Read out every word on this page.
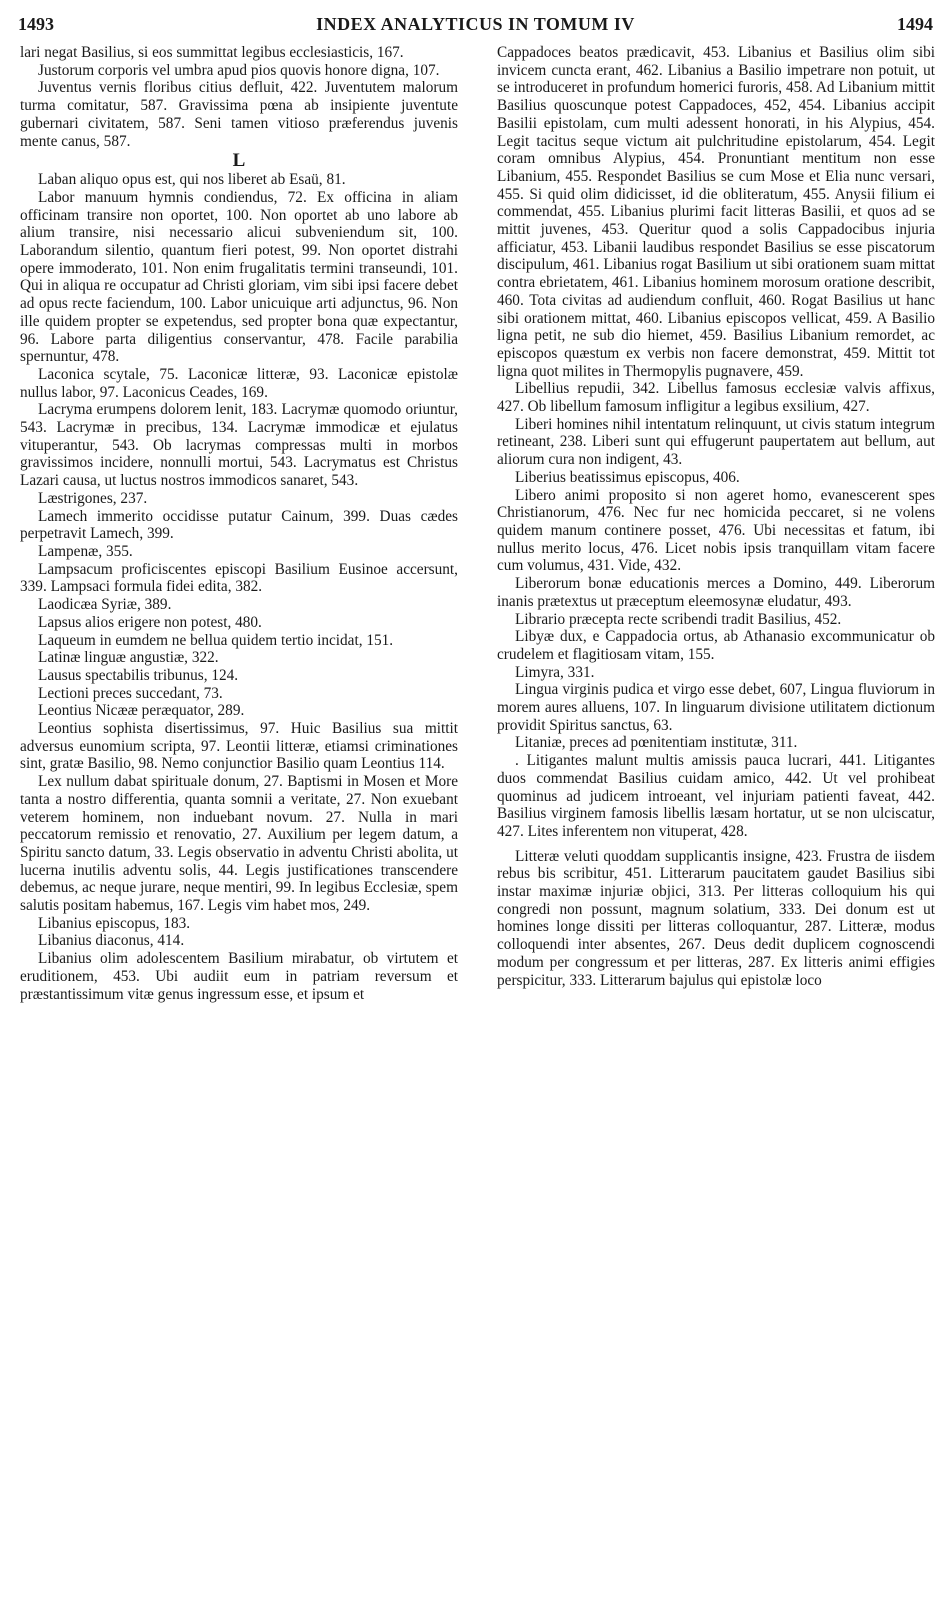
1493	INDEX ANALYTICUS IN TOMUM IV	1494

lari negat Basilius, si eos summittat legibus ecclesiasticis, 167.

Justorum corporis vel umbra apud pios quovis honore digna, 107.

Juventus vernis floribus citius defluit, 422. Juventutem malorum turma comitatur, 587. Gravissima pœna ab insipiente juventute gubernari civitatem, 587. Seni tamen vitioso præferendus juvenis mente canus, 587.

L

Laban aliquo opus est, qui nos liberet ab Esaü, 81.

Labor manuum hymnis condiendus, 72. Ex officina in aliam officinam transire non oportet, 100. Non oportet ab uno labore ab alium transire, nisi necessario alicui subveniendum sit, 100. Laborandum silentio, quantum fieri potest, 99. Non oportet distrahi opere immoderato, 101. Non enim frugalitatis termini transeundi, 101. Qui in aliqua re occupatur ad Christi gloriam, vim sibi ipsi facere debet ad opus recte faciendum, 100. Labor unicuique arti adjunctus, 96. Non ille quidem propter se expetendus, sed propter bona quæ expectantur, 96. Labore parta diligentius conservantur, 478. Facile parabilia spernuntur, 478.

Laconica scytale, 75. Laconicæ litteræ, 93. Laconicæ epistolæ nullus labor, 97. Laconicus Ceades, 169.

Lacryma erumpens dolorem lenit, 183. Lacrymæ quomodo oriuntur, 543. Lacrymæ in precibus, 134. Lacrymæ immodicæ et ejulatus vituperantur, 543. Ob lacrymas compressas multi in morbos gravissimos incidere, nonnulli mortui, 543. Lacrymatus est Christus Lazari causa, ut luctus nostros immodicos sanaret, 543.

Læstrigones, 237.

Lamech immerito occidisse putatur Cainum, 399. Duas cædes perpetravit Lamech, 399.

Lampenæ, 355.

Lampsacum proficiscentes episcopi Basilium Eusinoe accersunt, 339. Lampsaci formula fidei edita, 382.

Laodicæa Syriæ, 389.

Lapsus alios erigere non potest, 480.

Laqueum in eumdem ne bellua quidem tertio incidat, 151.

Latinæ linguæ angustiæ, 322.

Lausus spectabilis tribunus, 124.

Lectioni preces succedant, 73.

Leontius Nicææ peræquator, 289.

Leontius sophista disertissimus, 97. Huic Basilius sua mittit adversus eunomium scripta, 97. Leontii litteræ, etiamsi criminationes sint, gratæ Basilio, 98. Nemo conjunctior Basilio quam Leontius 114.

Lex nullum dabat spirituale donum, 27. Baptismi in Mosen et More tanta a nostro differentia, quanta somnii a veritate, 27. Non exuebant veterem hominem, non induebant novum. 27. Nulla in mari peccatorum remissio et renovatio, 27. Auxilium per legem datum, a Spiritu sancto datum, 33. Legis observatio in adventu Christi abolita, ut lucerna inutilis adventu solis, 44. Legis justificationes transcendere debemus, ac neque jurare, neque mentiri, 99. In legibus Ecclesiæ, spem salutis positam habemus, 167. Legis vim habet mos, 249.

Libanius episcopus, 183.

Libanius diaconus, 414.

Libanius olim adolescentem Basilium mirabatur, ob virtutem et eruditionem, 453. Ubi audiit eum in patriam reversum et præstantissimum vitæ genus ingressum esse, et ipsum et

Cappadoces beatos prædicavit, 453. Libanius et Basilius olim sibi invicem cuncta erant, 462. Libanius a Basilio impetrare non potuit, ut se introduceret in profundum homerici furoris, 458. Ad Libanium mittit Basilius quoscunque potest Cappadoces, 452, 454. Libanius accipit Basilii epistolam, cum multi adessent honorati, in his Alypius, 454. Legit tacitus seque victum ait pulchritudine epistolarum, 454. Legit coram omnibus Alypius, 454. Pronuntiant mentitum non esse Libanium, 455. Respondet Basilius se cum Mose et Elia nunc versari, 455. Si quid olim didicisset, id die obliteratum, 455. Anysii filium ei commendat, 455. Libanius plurimi facit litteras Basilii, et quos ad se mittit juvenes, 453. Queritur quod a solis Cappadocibus injuria afficiatur, 453. Libanii laudibus respondet Basilius se esse piscatorum discipulum, 461. Libanius rogat Basilium ut sibi orationem suam mittat contra ebrietatem, 461. Libanius hominem morosum oratione describit, 460. Tota civitas ad audiendum confluit, 460. Rogat Basilius ut hanc sibi orationem mittat, 460. Libanius episcopos vellicat, 459. A Basilio ligna petit, ne sub dio hiemet, 459. Basilius Libanium remordet, ac episcopos quæstum ex verbis non facere demonstrat, 459. Mittit tot ligna quot milites in Thermopylis pugnavere, 459.

Libellius repudii, 342. Libellus famosus ecclesiæ valvis affixus, 427. Ob libellum famosum infligitur a legibus exsilium, 427.

Liberi homines nihil intentatum relinquunt, ut civis statum integrum retineant, 238. Liberi sunt qui effugerunt paupertatem aut bellum, aut aliorum cura non indigent, 43.

Liberius beatissimus episcopus, 406.

Libero animi proposito si non ageret homo, evanescerent spes Christianorum, 476. Nec fur nec homicida peccaret, si ne volens quidem manum continere posset, 476. Ubi necessitas et fatum, ibi nullus merito locus, 476. Licet nobis ipsis tranquillam vitam facere cum volumus, 431. Vide, 432.

Liberorum bonæ educationis merces a Domino, 449. Liberorum inanis prætextus ut præceptum eleemosynæ eludatur, 493.

Librario præcepta recte scribendi tradit Basilius, 452.

Libyæ dux, e Cappadocia ortus, ab Athanasio excommunicatur ob crudelem et flagitiosam vitam, 155.

Limyra, 331.

Lingua virginis pudica et virgo esse debet, 607, Lingua fluviorum in morem aures alluens, 107. In linguarum divisione utilitatem dictionum providit Spiritus sanctus, 63.

Litaniæ, preces ad pœnitentiam institutæ, 311.

. Litigantes malunt multis amissis pauca lucrari, 441. Litigantes duos commendat Basilius cuidam amico, 442. Ut vel prohibeat quominus ad judicem introeant, vel injuriam patienti faveat, 442. Basilius virginem famosis libellis læsam hortatur, ut se non ulciscatur, 427. Lites inferentem non vituperat, 428.

Litteræ veluti quoddam supplicantis insigne, 423. Frustra de iisdem rebus bis scribitur, 451. Litterarum paucitatem gaudet Basilius sibi instar maximæ injuriæ objici, 313. Per litteras colloquium his qui congredi non possunt, magnum solatium, 333. Dei donum est ut homines longe dissiti per litteras colloquantur, 287. Litteræ, modus colloquendi inter absentes, 267. Deus dedit duplicem cognoscendi modum per congressum et per litteras, 287. Ex litteris animi effigies perspicitur, 333. Litterarum bajulus qui epistolæ loco
